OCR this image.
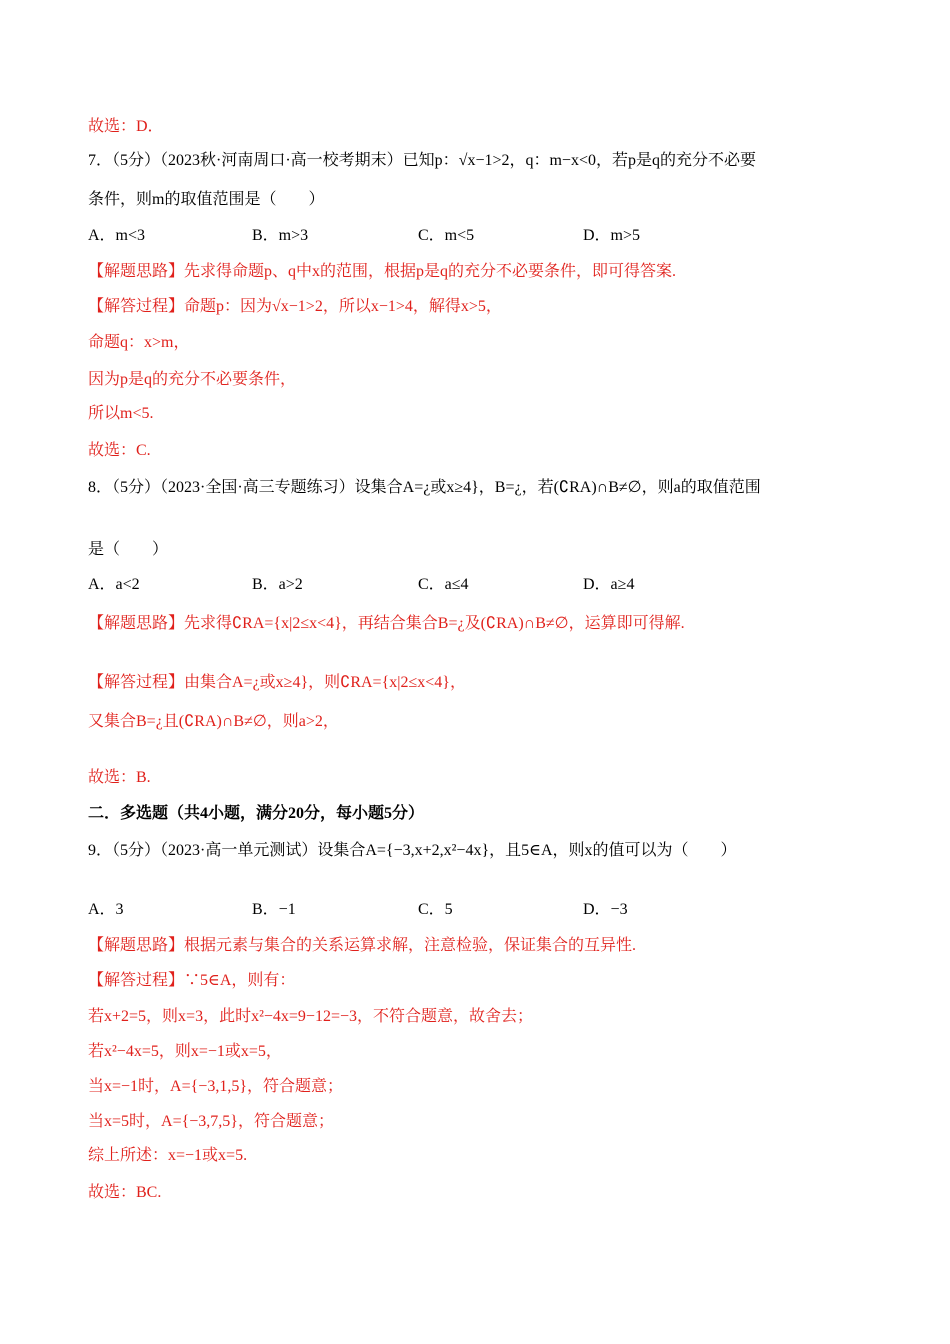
故选：D．
7．（5分）（2023秋·河南周口·高一校考期末）已知p：√x−1>2，q：m−x<0，若p是q的充分不必要
条件，则m的取值范围是（　　）
A．m<3	B．m>3	C．m<5	D．m>5
【解题思路】先求得命题p、q中x的范围，根据p是q的充分不必要条件，即可得答案.
【解答过程】命题p：因为√x−1>2，所以x−1>4，解得x>5，
命题q：x>m，
因为p是q的充分不必要条件，
所以m<5.
故选：C.
8．（5分）（2023·全国·高三专题练习）设集合A=¿或x≥4}，B=¿，若(∁RA)∩B≠∅，则a的取值范围
是（　　）
A．a<2	B．a>2	C．a≤4	D．a≥4
【解题思路】先求得∁RA={x|2≤x<4}，再结合集合B=¿及(∁RA)∩B≠∅，运算即可得解.
【解答过程】由集合A=¿或x≥4}，则∁RA={x|2≤x<4}，
又集合B=¿且(∁RA)∩B≠∅，则a>2，
故选：B.
二．多选题（共4小题，满分20分，每小题5分）
9．（5分）（2023·高一单元测试）设集合A={−3,x+2,x²−4x}，且5∈A，则x的值可以为（　　）
A．3	B．−1	C．5	D．−3
【解题思路】根据元素与集合的关系运算求解，注意检验，保证集合的互异性.
【解答过程】∵5∈A，则有：
若x+2=5，则x=3，此时x²−4x=9−12=−3，不符合题意，故舍去；
若x²−4x=5，则x=−1或x=5，
当x=−1时，A={−3,1,5}，符合题意；
当x=5时，A={−3,7,5}，符合题意；
综上所述：x=−1或x=5.
故选：BC.
